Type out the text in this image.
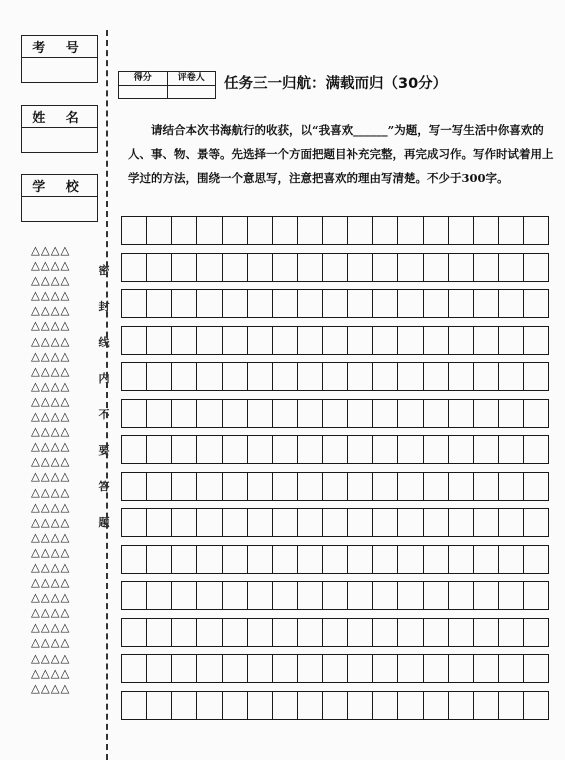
考 号
姓 名
学 校
△△△△
△△△△
△△△△
△△△△
△△△△
△△△△
△△△△
△△△△
△△△△
△△△△
△△△△
△△△△
△△△△
△△△△
△△△△
△△△△
△△△△
△△△△
△△△△
△△△△
△△△△
△△△△
△△△△
△△△△
△△△△
△△△△
△△△△
△△△△
△△△△
△△△△
密
封
线
内
不
要
答
题
得分	评卷人	任务三一归航：满载而归（30分）

请结合本次书海航行的收获，以“我喜欢______”为题，写一写生活中你喜欢的人、事、物、景等。先选择一个方面把题目补充完整，再完成习作。写作时试着用上学过的方法，围绕一个意思写，注意把喜欢的理由写清楚。不少于300字。
